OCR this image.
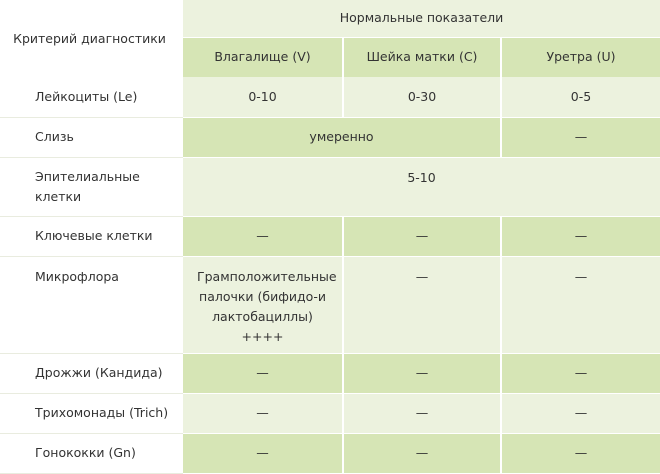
Критерий диагностики	Нормальные показатели		
	Влагалище (V)	Шейка матки (C)	Уретра (U)
Лейкоциты (Le)	0-10	0-30	0-5
Слизь	умеренно		—
Эпителиальные клетки	5-10		
Ключевые клетки	—	—	—
Микрофлора	Грамположительные палочки (бифидо-и лактобациллы) ++++	—	—
Дрожжи (Кандида)	—	—	—
Трихомонады (Trich)	—	—	—
Гонококки (Gn)	—	—	—
